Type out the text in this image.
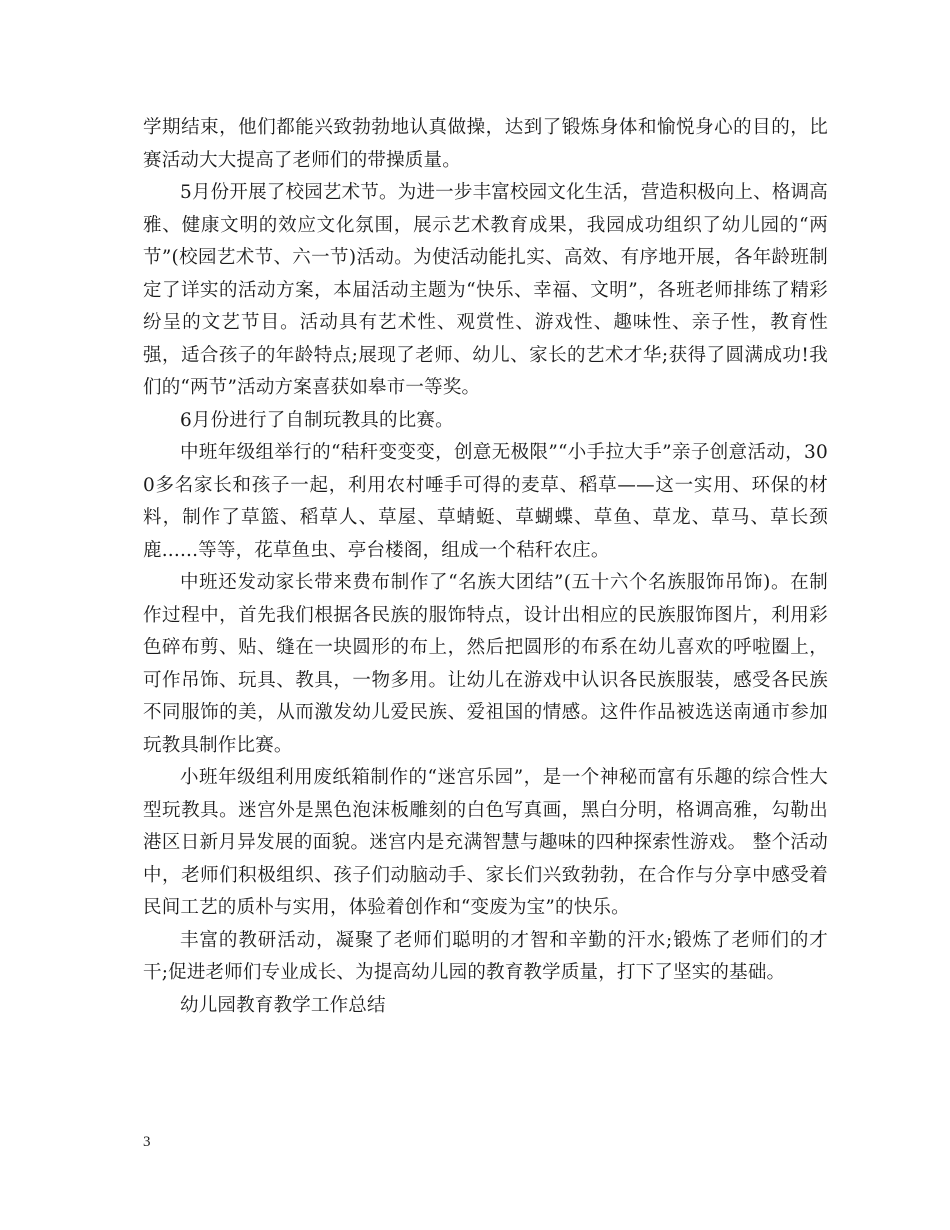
学期结束，他们都能兴致勃勃地认真做操，达到了锻炼身体和愉悦身心的目的，比赛活动大大提高了老师们的带操质量。

5月份开展了校园艺术节。为进一步丰富校园文化生活，营造积极向上、格调高雅、健康文明的效应文化氛围，展示艺术教育成果，我园成功组织了幼儿园的“两节”(校园艺术节、六一节)活动。为使活动能扎实、高效、有序地开展，各年龄班制定了详实的活动方案，本届活动主题为“快乐、幸福、文明”，各班老师排练了精彩纷呈的文艺节目。活动具有艺术性、观赏性、游戏性、趣味性、亲子性，教育性强，适合孩子的年龄特点;展现了老师、幼儿、家长的艺术才华;获得了圆满成功!我们的“两节”活动方案喜获如皋市一等奖。

6月份进行了自制玩教具的比赛。

中班年级组举行的“秸秆变变变，创意无极限”“小手拉大手”亲子创意活动，300多名家长和孩子一起，利用农村唾手可得的麦草、稻草——这一实用、环保的材料，制作了草篮、稻草人、草屋、草蜻蜓、草蝴蝶、草鱼、草龙、草马、草长颈鹿......等等，花草鱼虫、亭台楼阁，组成一个秸秆农庄。

中班还发动家长带来费布制作了“名族大团结”(五十六个名族服饰吊饰)。在制作过程中，首先我们根据各民族的服饰特点，设计出相应的民族服饰图片，利用彩色碎布剪、贴、缝在一块圆形的布上，然后把圆形的布系在幼儿喜欢的呼啦圈上，可作吊饰、玩具、教具，一物多用。让幼儿在游戏中认识各民族服装，感受各民族不同服饰的美，从而激发幼儿爱民族、爱祖国的情感。这件作品被选送南通市参加玩教具制作比赛。

小班年级组利用废纸箱制作的“迷宫乐园”，是一个神秘而富有乐趣的综合性大型玩教具。迷宫外是黑色泡沫板雕刻的白色写真画，黑白分明，格调高雅，勾勒出港区日新月异发展的面貌。迷宫内是充满智慧与趣味的四种探索性游戏。 整个活动中，老师们积极组织、孩子们动脑动手、家长们兴致勃勃，在合作与分享中感受着民间工艺的质朴与实用，体验着创作和“变废为宝”的快乐。

丰富的教研活动，凝聚了老师们聪明的才智和辛勤的汗水;锻炼了老师们的才干;促进老师们专业成长、为提高幼儿园的教育教学质量，打下了坚实的基础。

幼儿园教育教学工作总结

3
